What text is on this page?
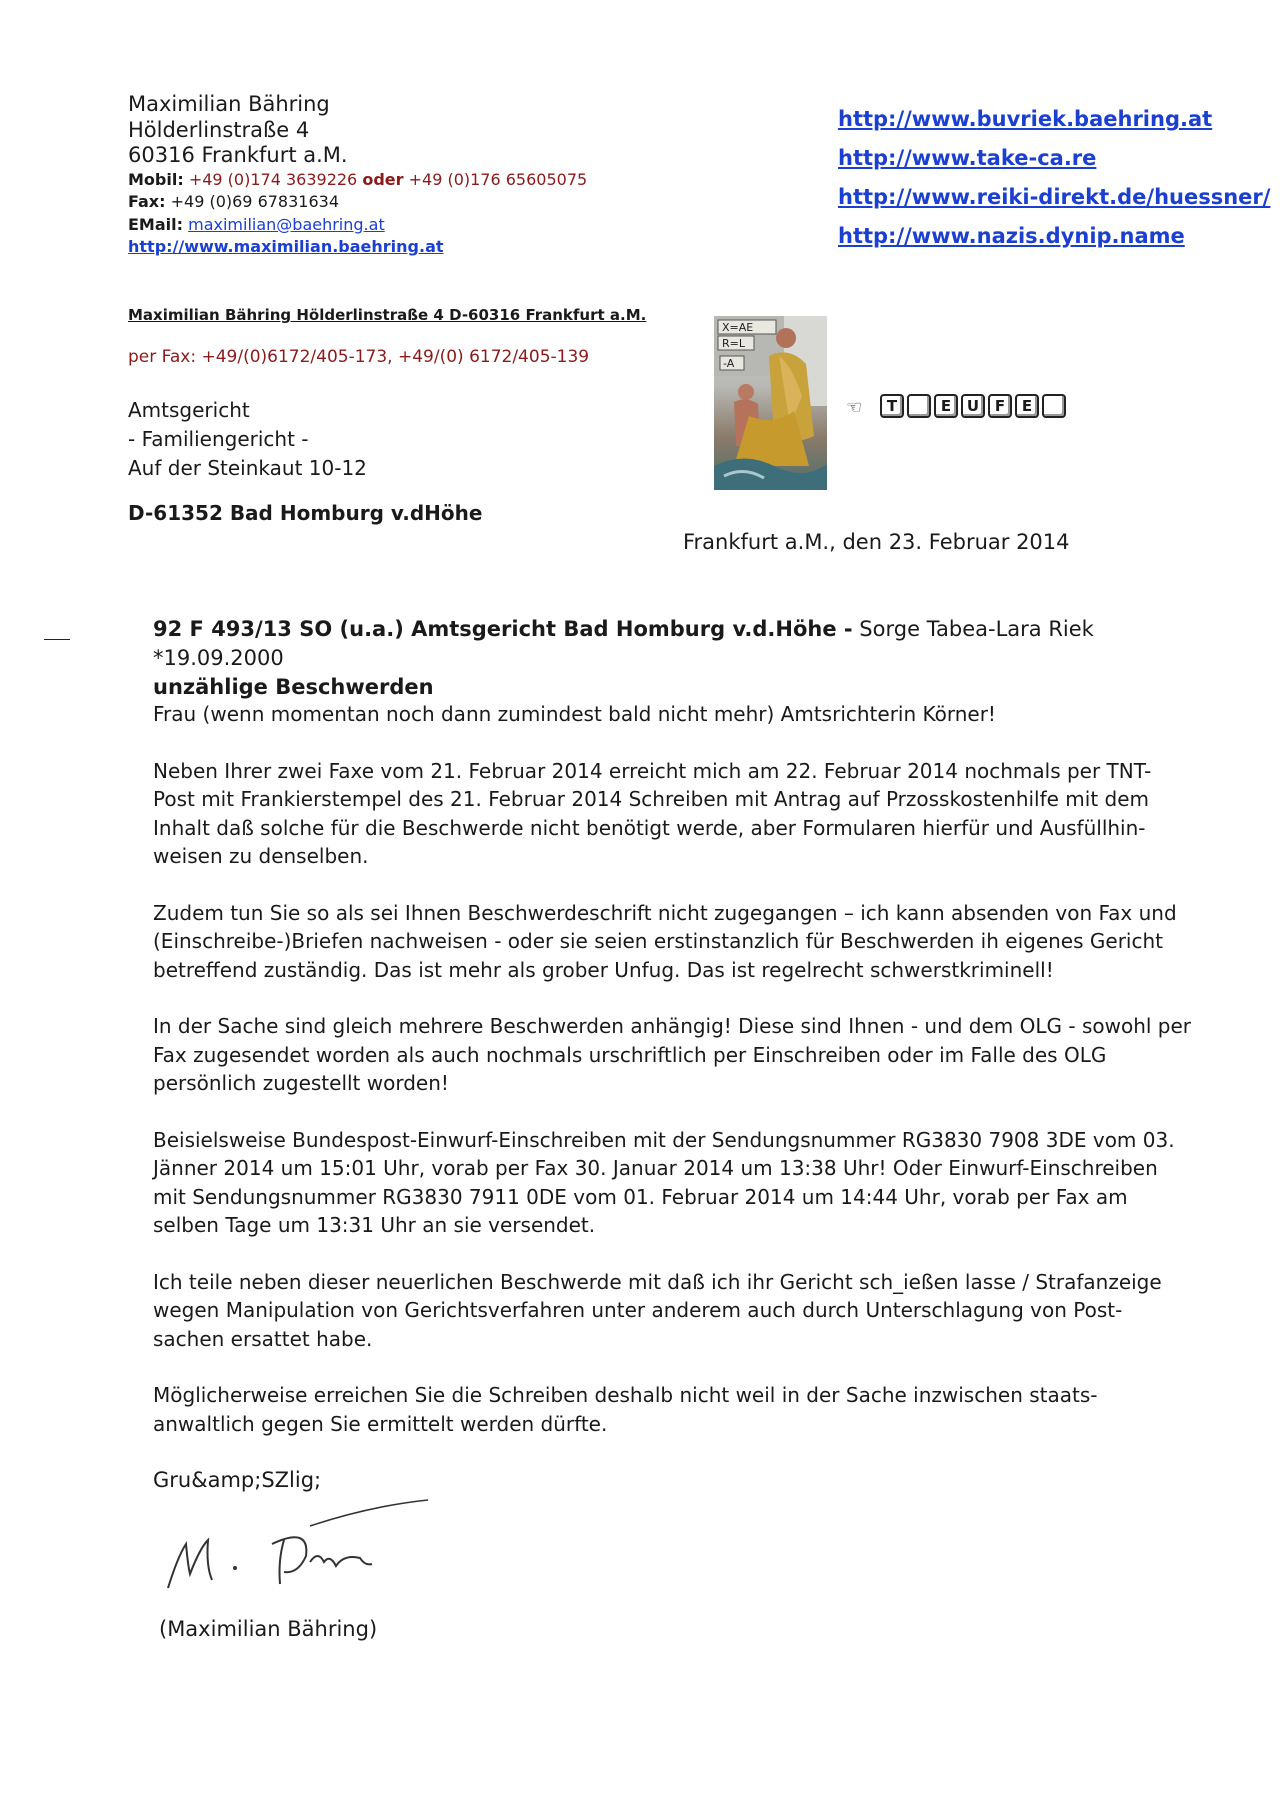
Maximilian Bähring
Hölderlinstraße 4
60316 Frankfurt a.M.
Mobil: +49 (0)174 3639226 oder +49 (0)176 65605075
Fax: +49 (0)69 67831634
EMail: maximilian@baehring.at
http://www.maximilian.baehring.at
http://www.buvriek.baehring.at
http://www.take-ca.re
http://www.reiki-direkt.de/huessner/
http://www.nazis.dynip.name
Maximilian Bähring Hölderlinstraße 4 D-60316 Frankfurt a.M.
per Fax: +49/(0)6172/405-173, +49/(0) 6172/405-139
Amtsgericht
- Familiengericht -
Auf der Steinkaut 10-12
D-61352 Bad Homburg v.dHöhe
X=AE
R=L
-A
☜	T	E	U	F	E
Frankfurt a.M., den 23. Februar 2014
92 F 493/13 SO (u.a.) Amtsgericht Bad Homburg v.d.Höhe - Sorge Tabea-Lara Riek *19.09.2000
unzählige Beschwerden

Frau (wenn momentan noch dann zumindest bald nicht mehr) Amtsrichterin Körner!

Neben Ihrer zwei Faxe vom 21. Februar 2014 erreicht mich am 22. Februar 2014 nochmals per TNT-Post mit Frankierstempel des 21. Februar 2014 Schreiben mit Antrag auf Przosskostenhilfe mit dem Inhalt daß solche für die Beschwerde nicht benötigt werde, aber Formularen hierfür und Ausfüllhin-weisen zu denselben.

Zudem tun Sie so als sei Ihnen Beschwerdeschrift nicht zugegangen – ich kann absenden von Fax und (Einschreibe-)Briefen nachweisen - oder sie seien erstinstanzlich für Beschwerden ih eigenes Gericht betreffend zuständig. Das ist mehr als grober Unfug. Das ist regelrecht schwerstkriminell!

In der Sache sind gleich mehrere Beschwerden anhängig! Diese sind Ihnen - und dem OLG - sowohl per Fax zugesendet worden als auch nochmals urschriftlich per Einschreiben oder im Falle des OLG persönlich zugestellt worden!

Beisielsweise Bundespost-Einwurf-Einschreiben mit der Sendungsnummer RG3830 7908 3DE vom 03. Jänner 2014 um 15:01 Uhr, vorab per Fax 30. Januar 2014 um 13:38 Uhr! Oder Einwurf-Einschreiben mit Sendungsnummer RG3830 7911 0DE vom 01. Februar 2014 um 14:44 Uhr, vorab per Fax am selben Tage um 13:31 Uhr an sie versendet.

Ich teile neben dieser neuerlichen Beschwerde mit daß ich ihr Gericht sch_ießen lasse / Strafanzeige wegen Manipulation von Gerichtsverfahren unter anderem auch durch Unterschlagung von Post-sachen ersattet habe.

Möglicherweise erreichen Sie die Schreiben deshalb nicht weil in der Sache inzwischen staats-anwaltlich gegen Sie ermittelt werden dürfte.

Gru&amp;SZlig;
(Maximilian Bähring)
